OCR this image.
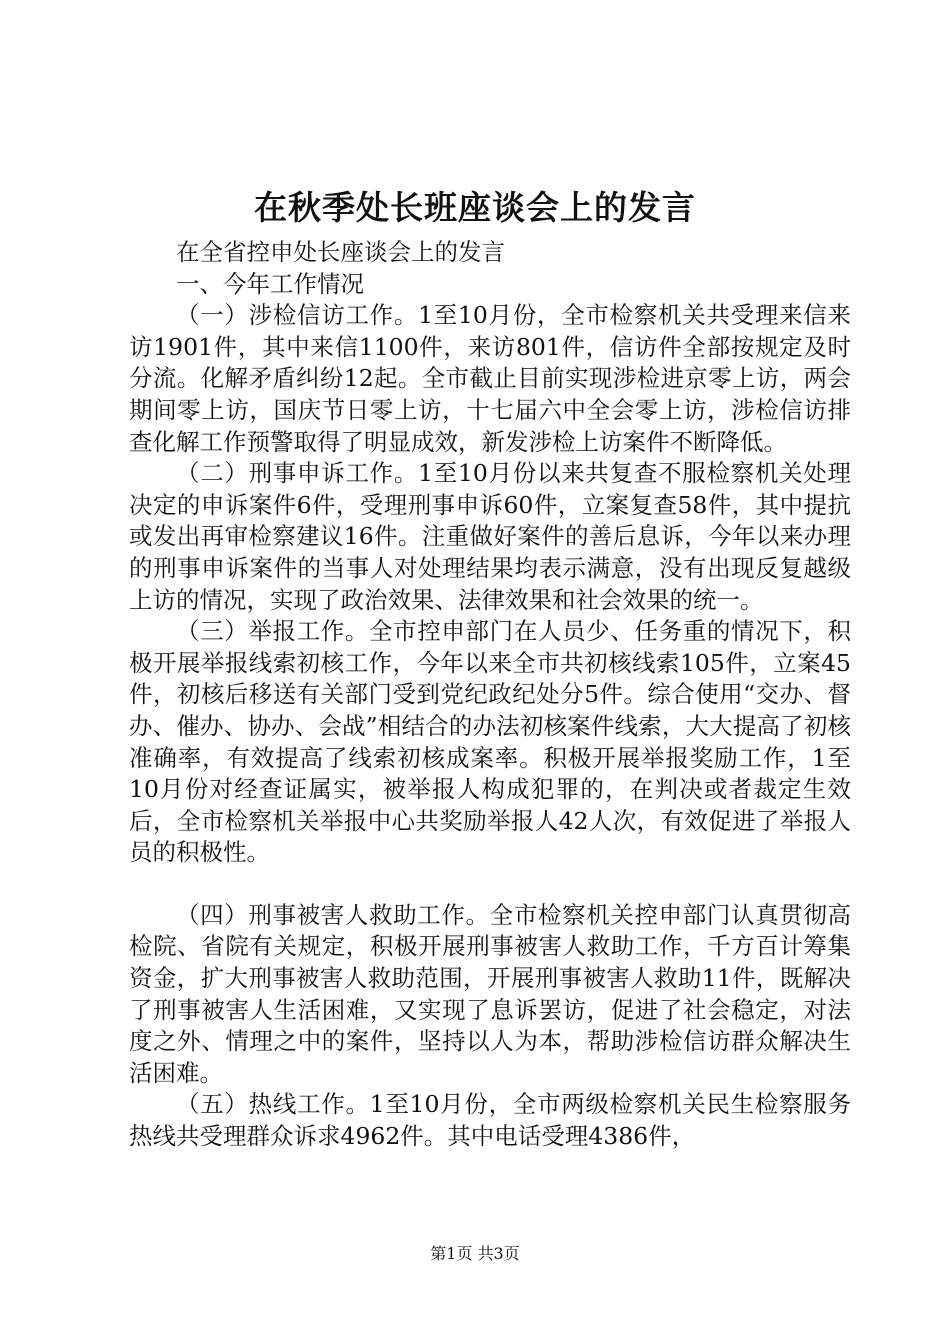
在秋季处长班座谈会上的发言

在全省控申处长座谈会上的发言

一、今年工作情况

（一）涉检信访工作。1至10月份，全市检察机关共受理来信来访1901件，其中来信1100件，来访801件，信访件全部按规定及时分流。化解矛盾纠纷12起。全市截止目前实现涉检进京零上访，两会期间零上访，国庆节日零上访，十七届六中全会零上访，涉检信访排查化解工作预警取得了明显成效，新发涉检上访案件不断降低。

（二）刑事申诉工作。1至10月份以来共复查不服检察机关处理决定的申诉案件6件，受理刑事申诉60件，立案复查58件，其中提抗或发出再审检察建议16件。注重做好案件的善后息诉，今年以来办理的刑事申诉案件的当事人对处理结果均表示满意，没有出现反复越级上访的情况，实现了政治效果、法律效果和社会效果的统一。

（三）举报工作。全市控申部门在人员少、任务重的情况下，积极开展举报线索初核工作，今年以来全市共初核线索105件，立案45件，初核后移送有关部门受到党纪政纪处分5件。综合使用“交办、督办、催办、协办、会战”相结合的办法初核案件线索，大大提高了初核准确率，有效提高了线索初核成案率。积极开展举报奖励工作，1至10月份对经查证属实，被举报人构成犯罪的，在判决或者裁定生效后，全市检察机关举报中心共奖励举报人42人次，有效促进了举报人员的积极性。

（四）刑事被害人救助工作。全市检察机关控申部门认真贯彻高检院、省院有关规定，积极开展刑事被害人救助工作，千方百计筹集资金，扩大刑事被害人救助范围，开展刑事被害人救助11件，既解决了刑事被害人生活困难，又实现了息诉罢访，促进了社会稳定，对法度之外、情理之中的案件，坚持以人为本，帮助涉检信访群众解决生活困难。

（五）热线工作。1至10月份，全市两级检察机关民生检察服务热线共受理群众诉求4962件。其中电话受理4386件，

第1页 共3页
